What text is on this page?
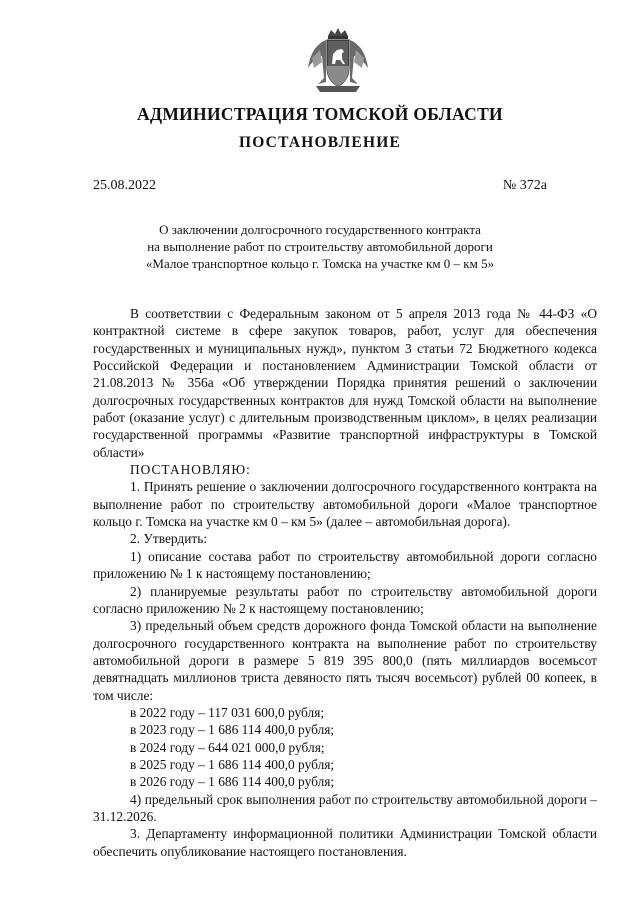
АДМИНИСТРАЦИЯ ТОМСКОЙ ОБЛАСТИ
ПОСТАНОВЛЕНИЕ
25.08.2022	№ 372а
О заключении долгосрочного государственного контракта
на выполнение работ по строительству автомобильной дороги
«Малое транспортное кольцо г. Томска на участке км 0 – км 5»

В соответствии с Федеральным законом от 5 апреля 2013 года № 44-ФЗ «О контрактной системе в сфере закупок товаров, работ, услуг для обеспечения государственных и муниципальных нужд», пунктом 3 статьи 72 Бюджетного кодекса Российской Федерации и постановлением Администрации Томской области от 21.08.2013 № 356а «Об утверждении Порядка принятия решений о заключении долгосрочных государственных контрактов для нужд Томской области на выполнение работ (оказание услуг) с длительным производственным циклом», в целях реализации государственной программы «Развитие транспортной инфраструктуры в Томской области»

ПОСТАНОВЛЯЮ:

1. Принять решение о заключении долгосрочного государственного контракта на выполнение работ по строительству автомобильной дороги «Малое транспортное кольцо г. Томска на участке км 0 – км 5» (далее – автомобильная дорога).

2. Утвердить:

1) описание состава работ по строительству автомобильной дороги согласно приложению № 1 к настоящему постановлению;

2) планируемые результаты работ по строительству автомобильной дороги согласно приложению № 2 к настоящему постановлению;

3) предельный объем средств дорожного фонда Томской области на выполнение долгосрочного государственного контракта на выполнение работ по строительству автомобильной дороги в размере 5 819 395 800,0 (пять миллиардов восемьсот девятнадцать миллионов триста девяносто пять тысяч восемьсот) рублей 00 копеек, в том числе:

в 2022 году – 117 031 600,0 рубля;

в 2023 году – 1 686 114 400,0 рубля;

в 2024 году – 644 021 000,0 рубля;

в 2025 году – 1 686 114 400,0 рубля;

в 2026 году – 1 686 114 400,0 рубля;

4) предельный срок выполнения работ по строительству автомобильной дороги – 31.12.2026.

3. Департаменту информационной политики Администрации Томской области обеспечить опубликование настоящего постановления.
